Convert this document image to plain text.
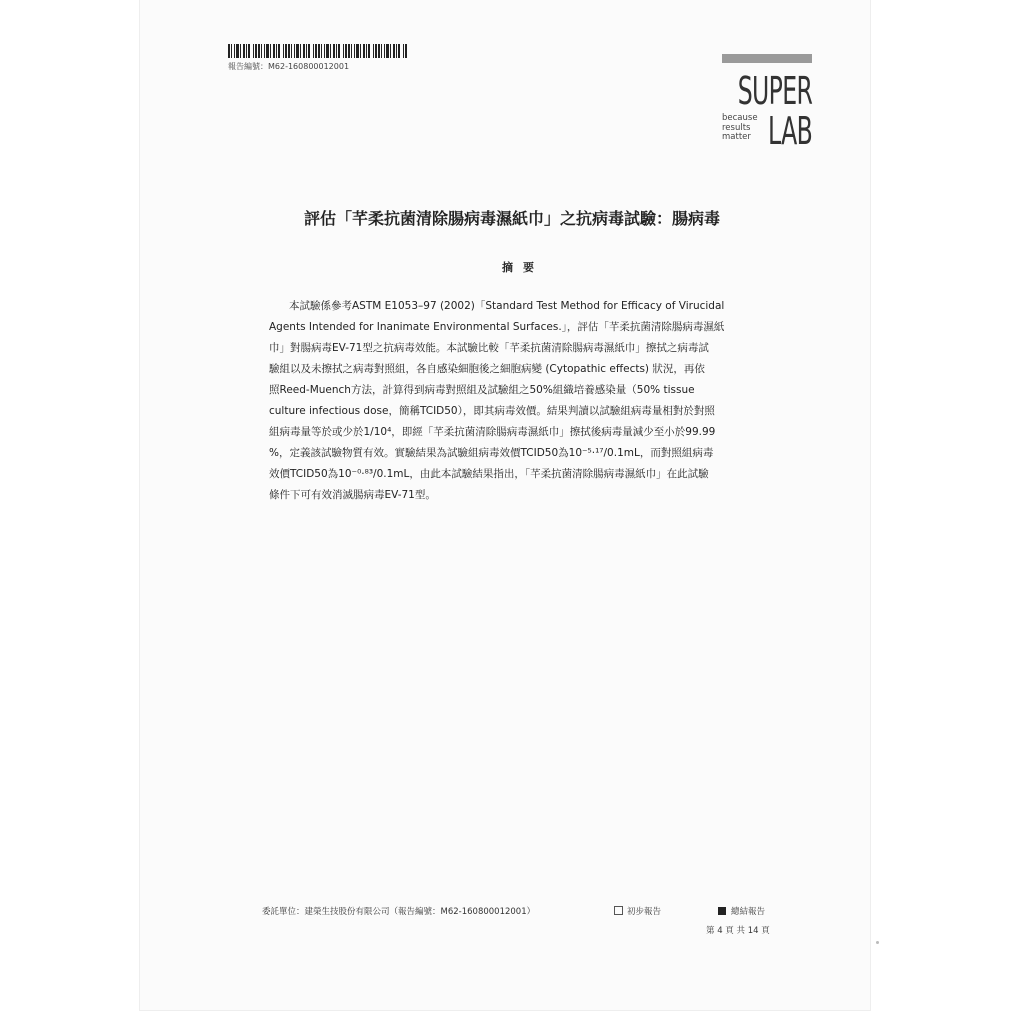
報告編號：M62-160800012001
SUPER
LAB
because
results
matter
評估「芊柔抗菌清除腸病毒濕紙巾」之抗病毒試驗：腸病毒
摘要
本試驗係參考ASTM E1053–97 (2002)「Standard Test Method for Efficacy of Virucidal
Agents Intended for Inanimate Environmental Surfaces.」，評估「芊柔抗菌清除腸病毒濕紙
巾」對腸病毒EV-71型之抗病毒效能。本試驗比較「芊柔抗菌清除腸病毒濕紙巾」擦拭之病毒試
驗組以及未擦拭之病毒對照組，各自感染細胞後之細胞病變 (Cytopathic effects) 狀況，再依
照Reed-Muench方法，計算得到病毒對照組及試驗組之50%組織培養感染量（50% tissue
culture infectious dose，簡稱TCID50），即其病毒效價。結果判讀以試驗組病毒量相對於對照
組病毒量等於或少於1/10⁴，即經「芊柔抗菌清除腸病毒濕紙巾」擦拭後病毒量減少至小於99.99
%，定義該試驗物質有效。實驗結果為試驗組病毒效價TCID50為10⁻⁵·¹⁷/0.1mL，而對照組病毒
效價TCID50為10⁻⁰·⁸³/0.1mL，由此本試驗結果指出，「芊柔抗菌清除腸病毒濕紙巾」在此試驗
條件下可有效消滅腸病毒EV-71型。
委託單位：建榮生技股份有限公司（報告編號：M62-160800012001）	初步報告	總結報告
第 4 頁 共 14 頁
